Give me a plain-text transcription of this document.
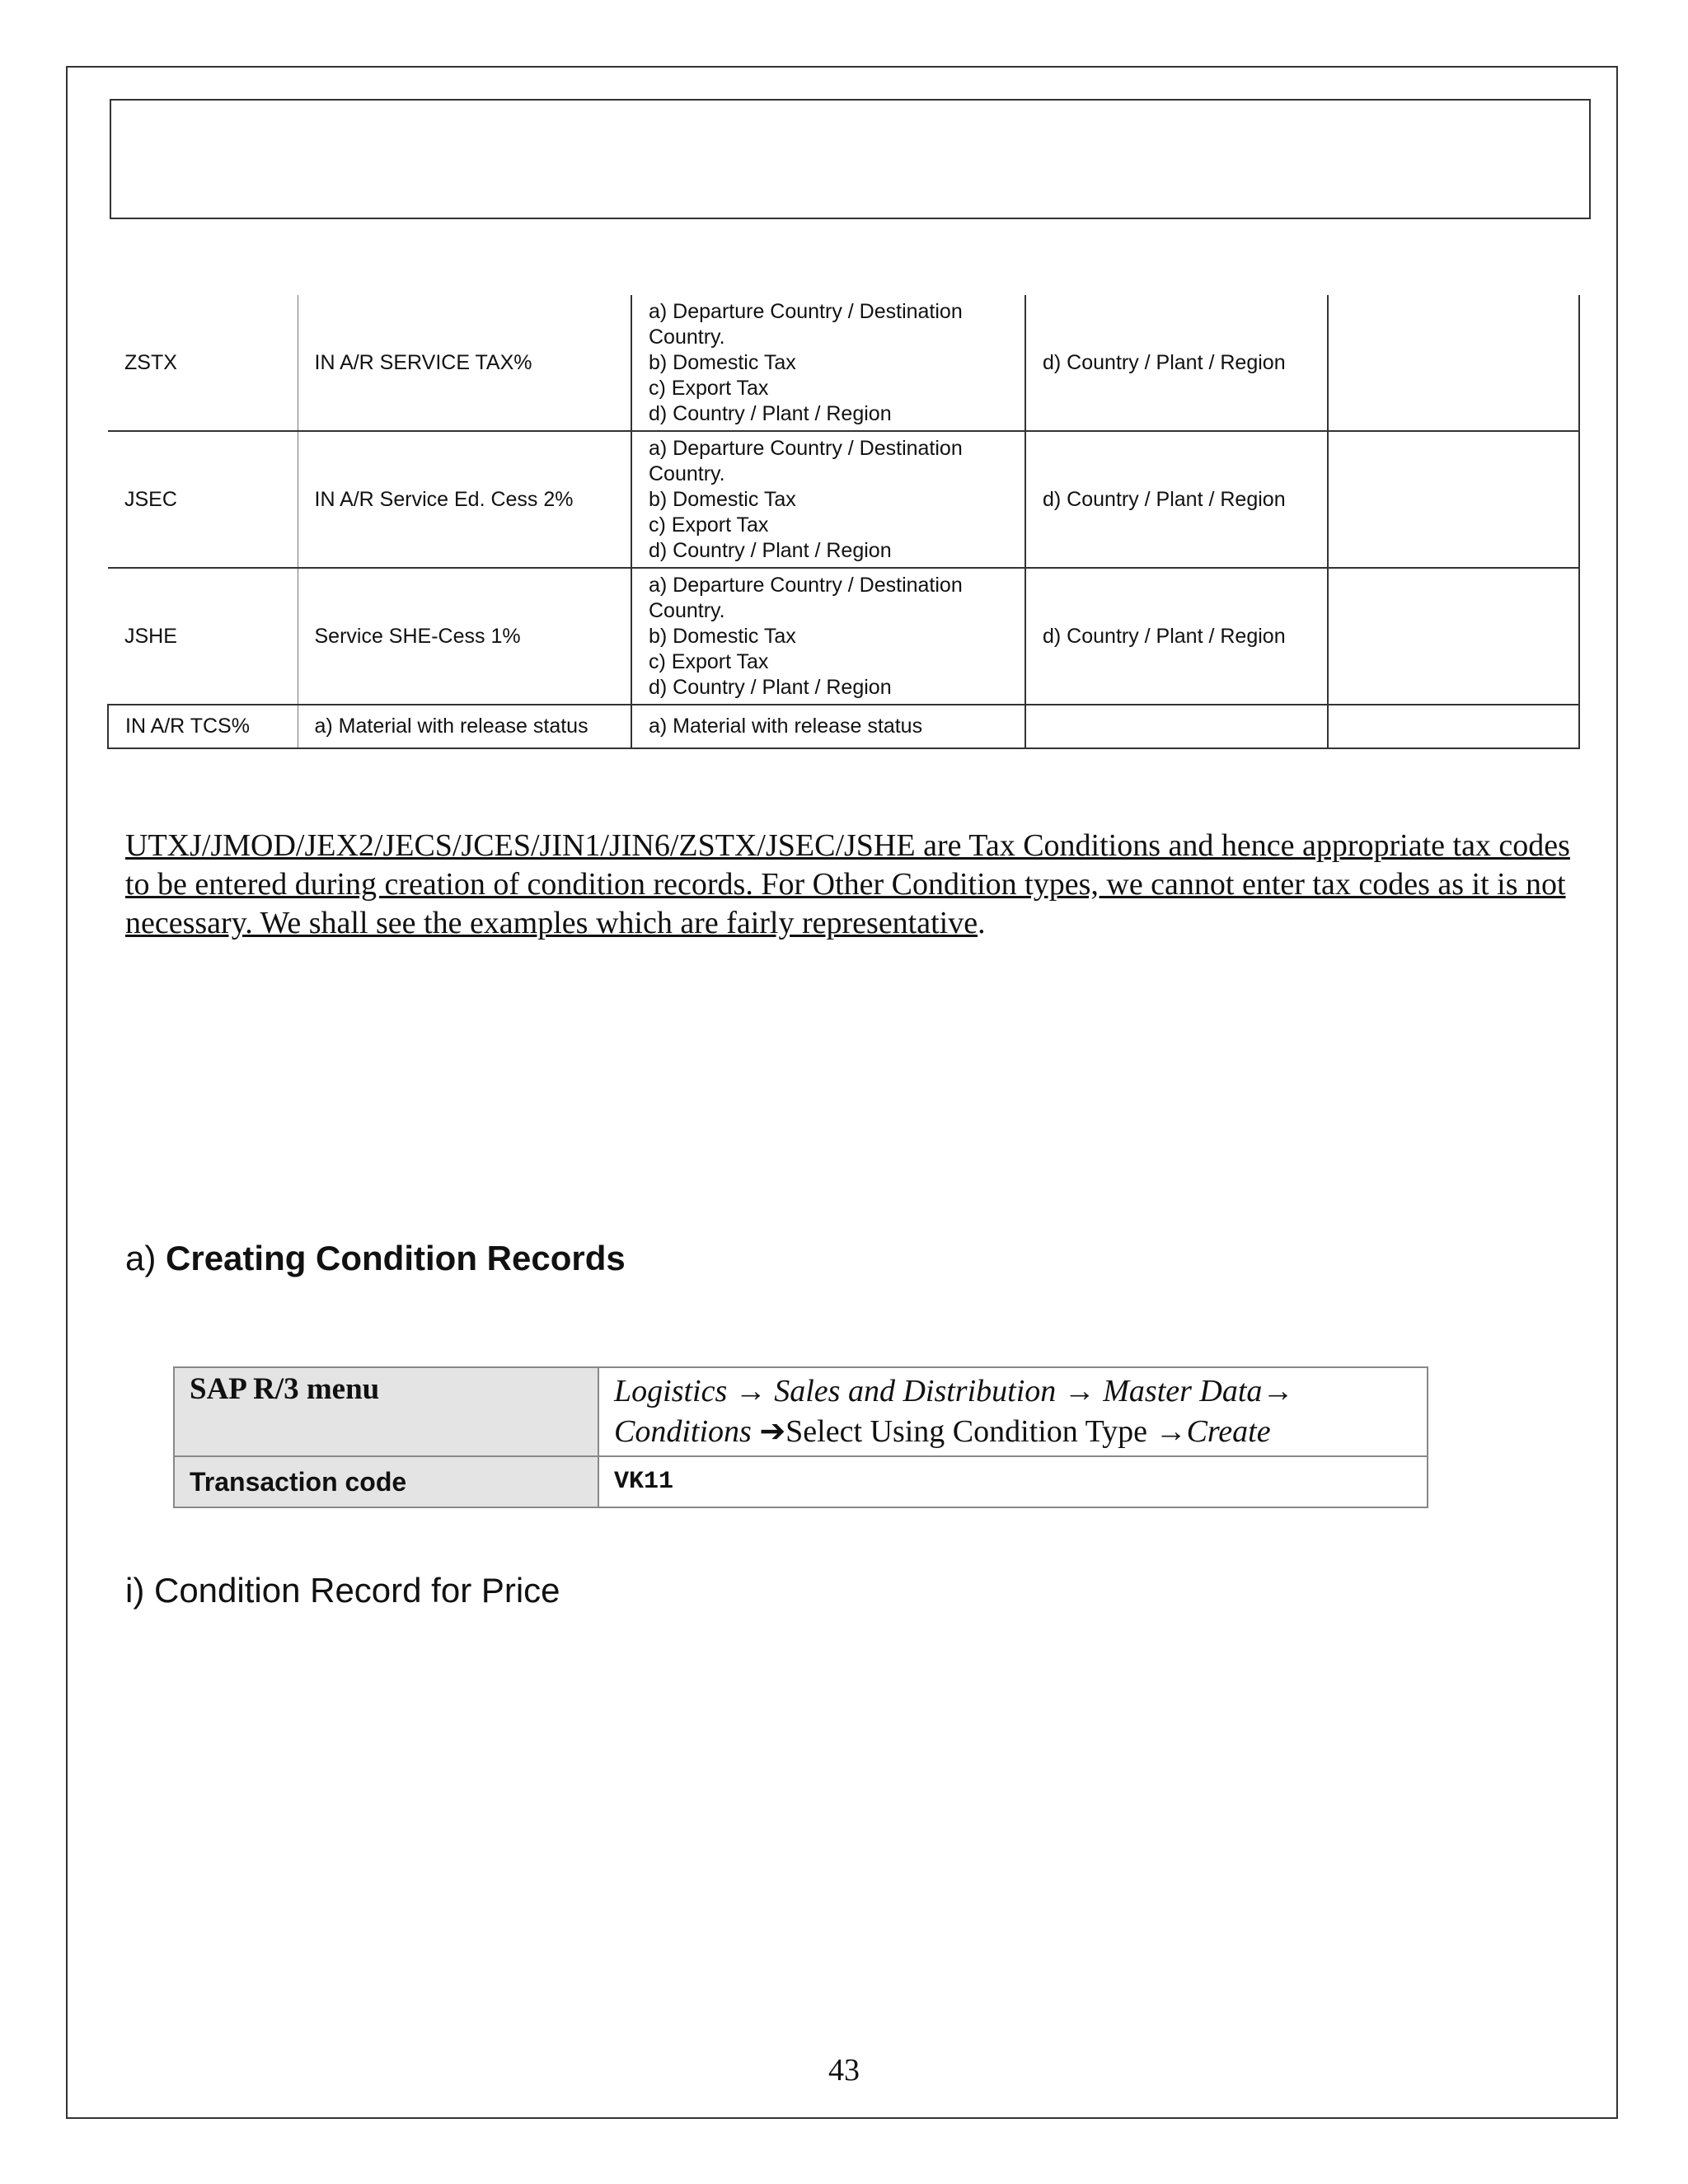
ZSTX	IN A/R SERVICE TAX%	a) Departure Country / Destination
Country.
b) Domestic Tax
c) Export Tax
d) Country / Plant / Region	d) Country / Plant / Region	
JSEC	IN A/R Service Ed. Cess 2%	a) Departure Country / Destination
Country.
b) Domestic Tax
c) Export Tax
d) Country / Plant / Region	d) Country / Plant / Region	
JSHE	Service SHE-Cess 1%	a) Departure Country / Destination
Country.
b) Domestic Tax
c) Export Tax
d) Country / Plant / Region	d) Country / Plant / Region	
IN A/R TCS%	a) Material with release status	a) Material with release status		

UTXJ/JMOD/JEX2/JECS/JCES/JIN1/JIN6/ZSTX/JSEC/JSHE are Tax Conditions and hence appropriate tax codes to be entered during creation of condition records. For Other Condition types, we cannot enter tax codes as it is not necessary. We shall see the examples which are fairly representative.

a) Creating Condition Records

SAP R/3 menu	Logistics → Sales and Distribution → Master Data→
Conditions ➔Select Using Condition Type →Create

Transaction code	VK11

i) Condition Record for Price

43
